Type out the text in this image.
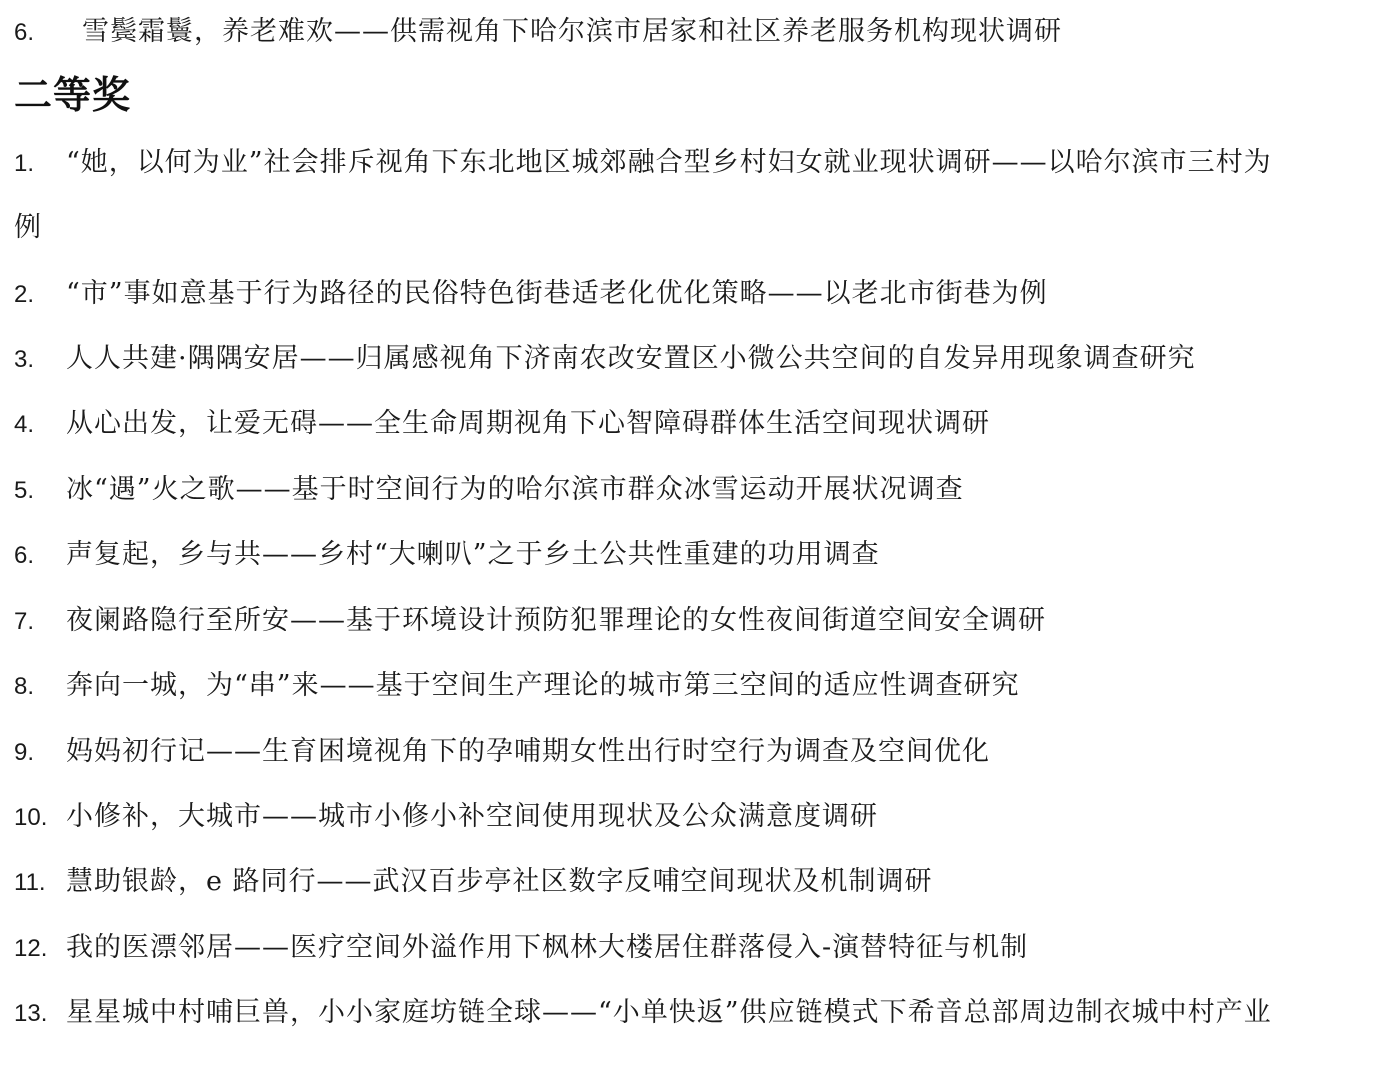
6. 雪鬓霜鬟，养老难欢——供需视角下哈尔滨市居家和社区养老服务机构现状调研
二等奖
1. “她，以何为业”社会排斥视角下东北地区城郊融合型乡村妇女就业现状调研——以哈尔滨市三村为
例
2. “市”事如意基于行为路径的民俗特色街巷适老化优化策略——以老北市街巷为例
3. 人人共建·隅隅安居——归属感视角下济南农改安置区小微公共空间的自发异用现象调查研究
4. 从心出发，让爱无碍——全生命周期视角下心智障碍群体生活空间现状调研
5. 冰“遇”火之歌——基于时空间行为的哈尔滨市群众冰雪运动开展状况调查
6. 声复起，乡与共——乡村“大喇叭”之于乡土公共性重建的功用调查
7. 夜阑路隐行至所安——基于环境设计预防犯罪理论的女性夜间街道空间安全调研
8. 奔向一城，为“串”来——基于空间生产理论的城市第三空间的适应性调查研究
9. 妈妈初行记——生育困境视角下的孕哺期女性出行时空行为调查及空间优化
10. 小修补，大城市——城市小修小补空间使用现状及公众满意度调研
11. 慧助银龄，e 路同行——武汉百步亭社区数字反哺空间现状及机制调研
12. 我的医漂邻居——医疗空间外溢作用下枫林大楼居住群落侵入-演替特征与机制
13. 星星城中村哺巨兽，小小家庭坊链全球——“小单快返”供应链模式下希音总部周边制衣城中村产业
